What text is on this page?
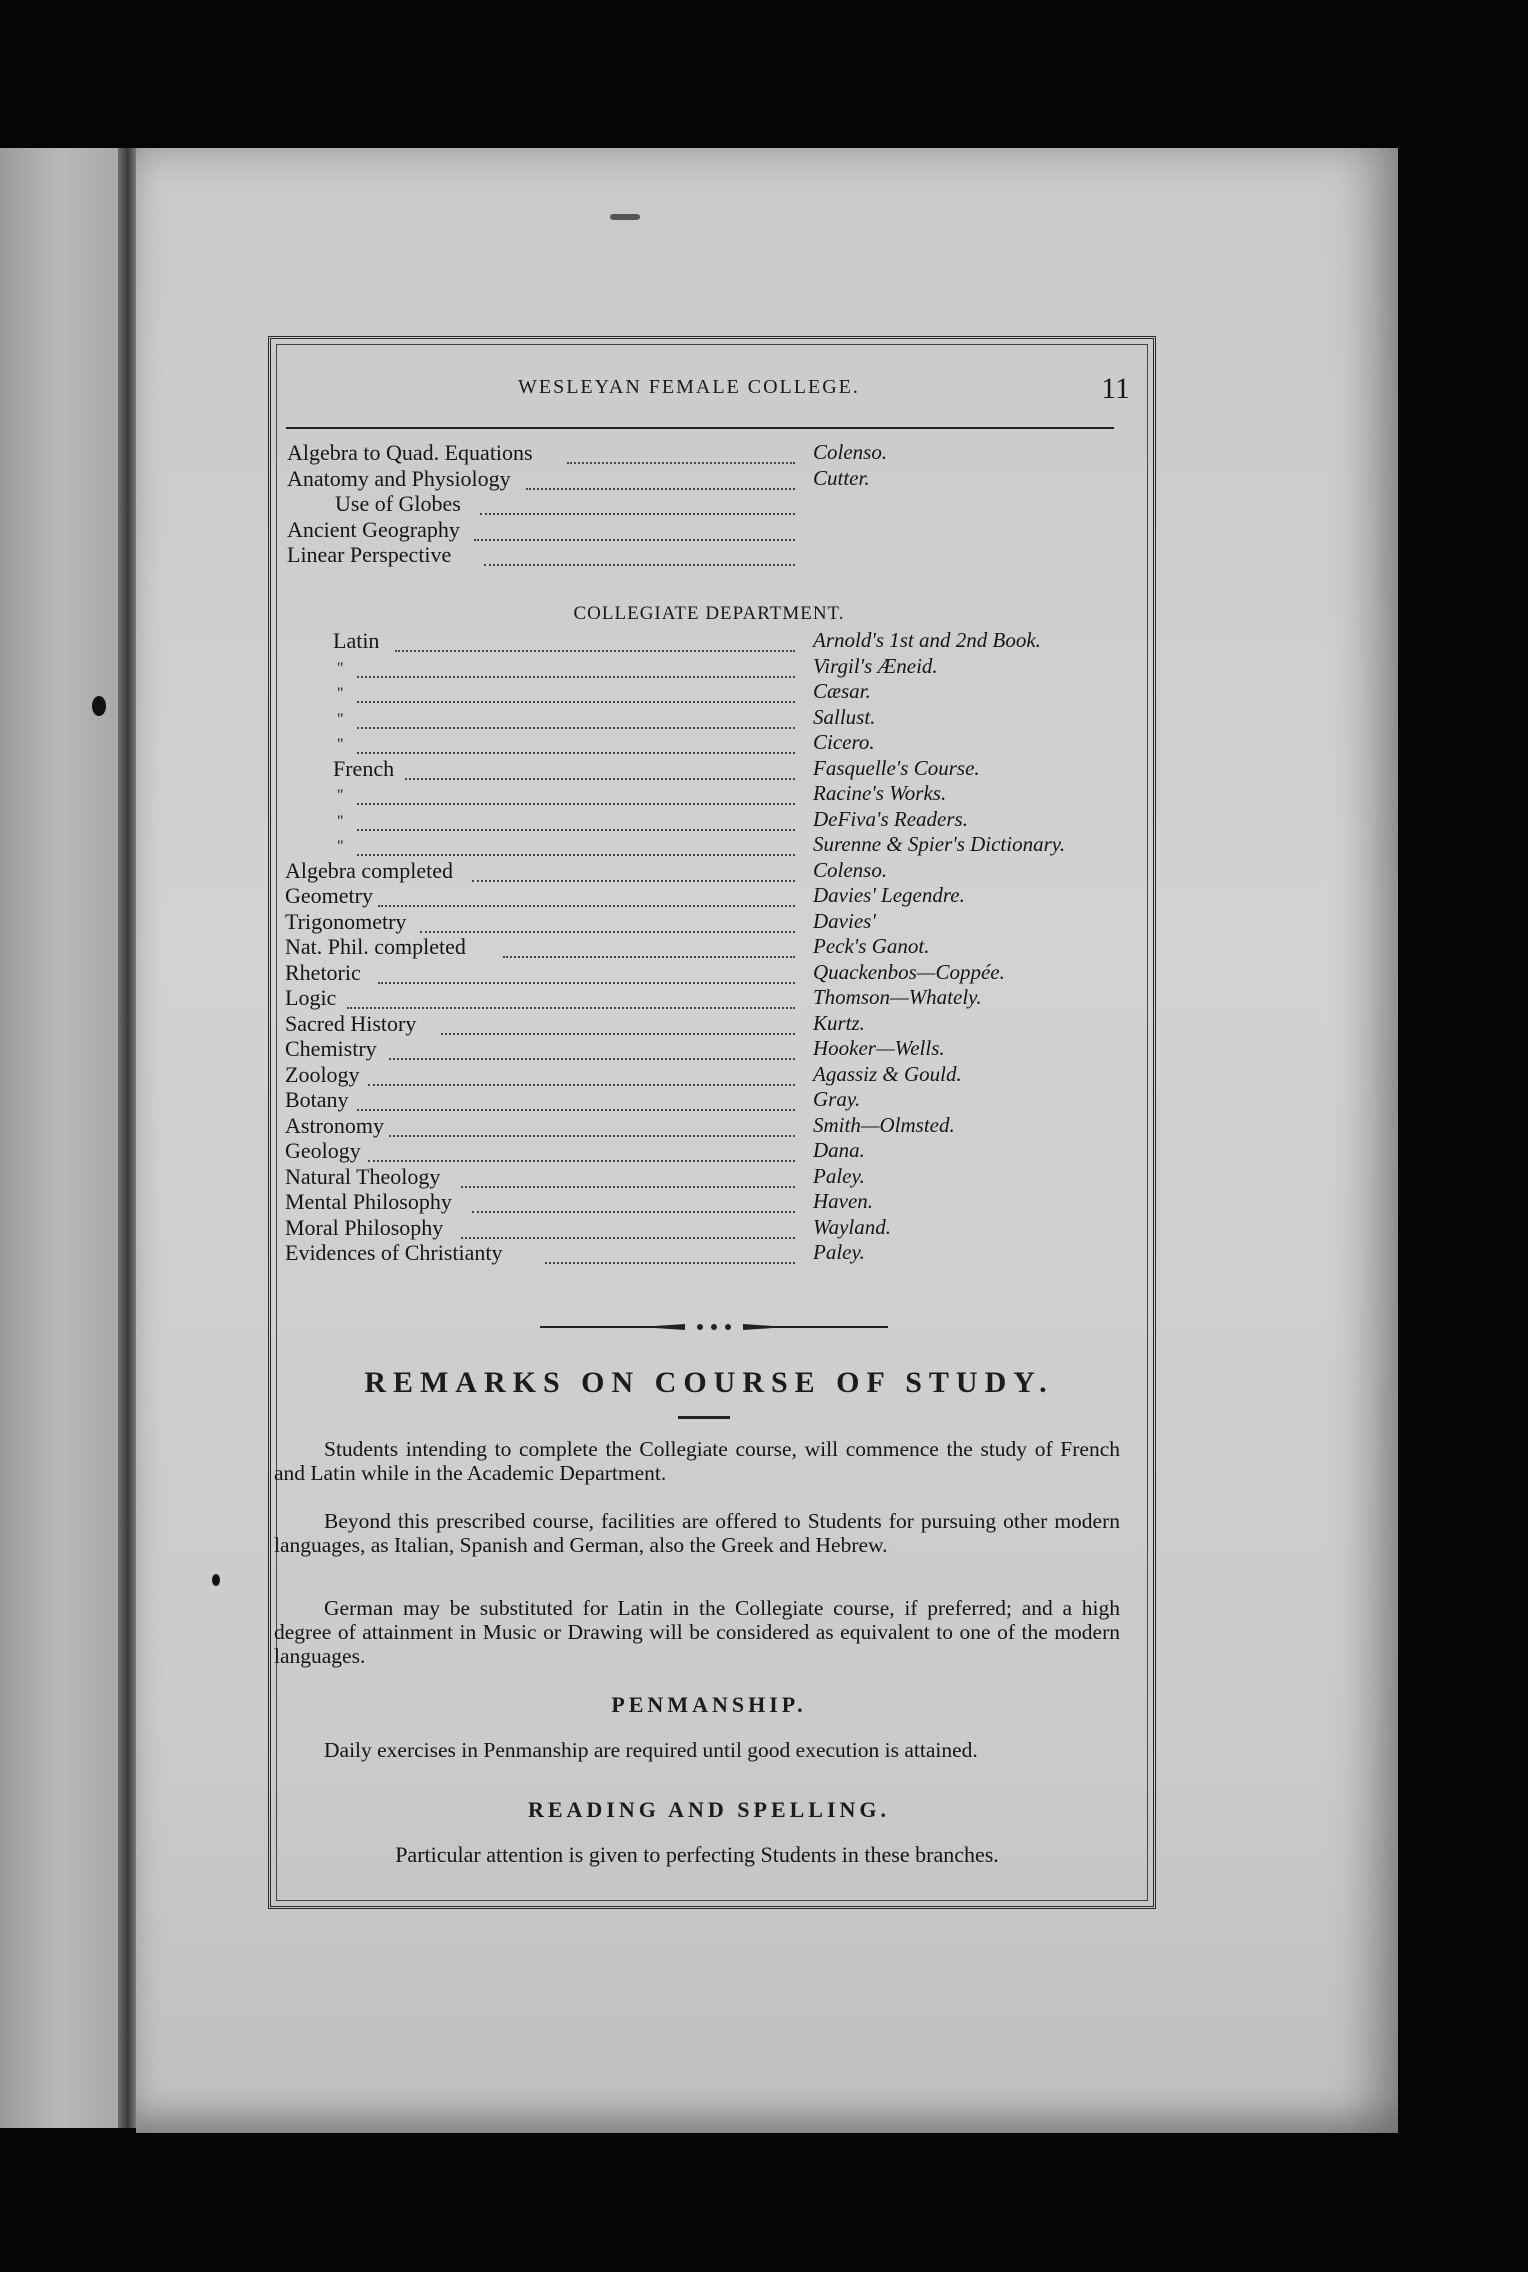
WESLEYAN FEMALE COLLEGE.	11
Algebra to Quad. Equations	Colenso.
Anatomy and Physiology	Cutter.
Use of Globes
Ancient Geography
Linear Perspective
COLLEGIATE DEPARTMENT.
Latin	Arnold's 1st and 2nd Book.
"	Virgil's Æneid.
"	Cæsar.
"	Sallust.
"	Cicero.
French	Fasquelle's Course.
"	Racine's Works.
"	DeFiva's Readers.
"	Surenne & Spier's Dictionary.
Algebra completed	Colenso.
Geometry	Davies' Legendre.
Trigonometry	Davies'
Nat. Phil. completed	Peck's Ganot.
Rhetoric	Quackenbos—Coppée.
Logic	Thomson—Whately.
Sacred History	Kurtz.
Chemistry	Hooker—Wells.
Zoology	Agassiz & Gould.
Botany	Gray.
Astronomy	Smith—Olmsted.
Geology	Dana.
Natural Theology	Paley.
Mental Philosophy	Haven.
Moral Philosophy	Wayland.
Evidences of Christianty	Paley.
REMARKS ON COURSE OF STUDY.
Students intending to complete the Collegiate course, will commence the study of French and Latin while in the Academic Department.
Beyond this prescribed course, facilities are offered to Students for pursuing other modern languages, as Italian, Spanish and German, also the Greek and Hebrew.
German may be substituted for Latin in the Collegiate course, if preferred; and a high degree of attainment in Music or Drawing will be considered as equivalent to one of the modern languages.
PENMANSHIP.
Daily exercises in Penmanship are required until good execution is attained.
READING AND SPELLING.
Particular attention is given to perfecting Students in these branches.
